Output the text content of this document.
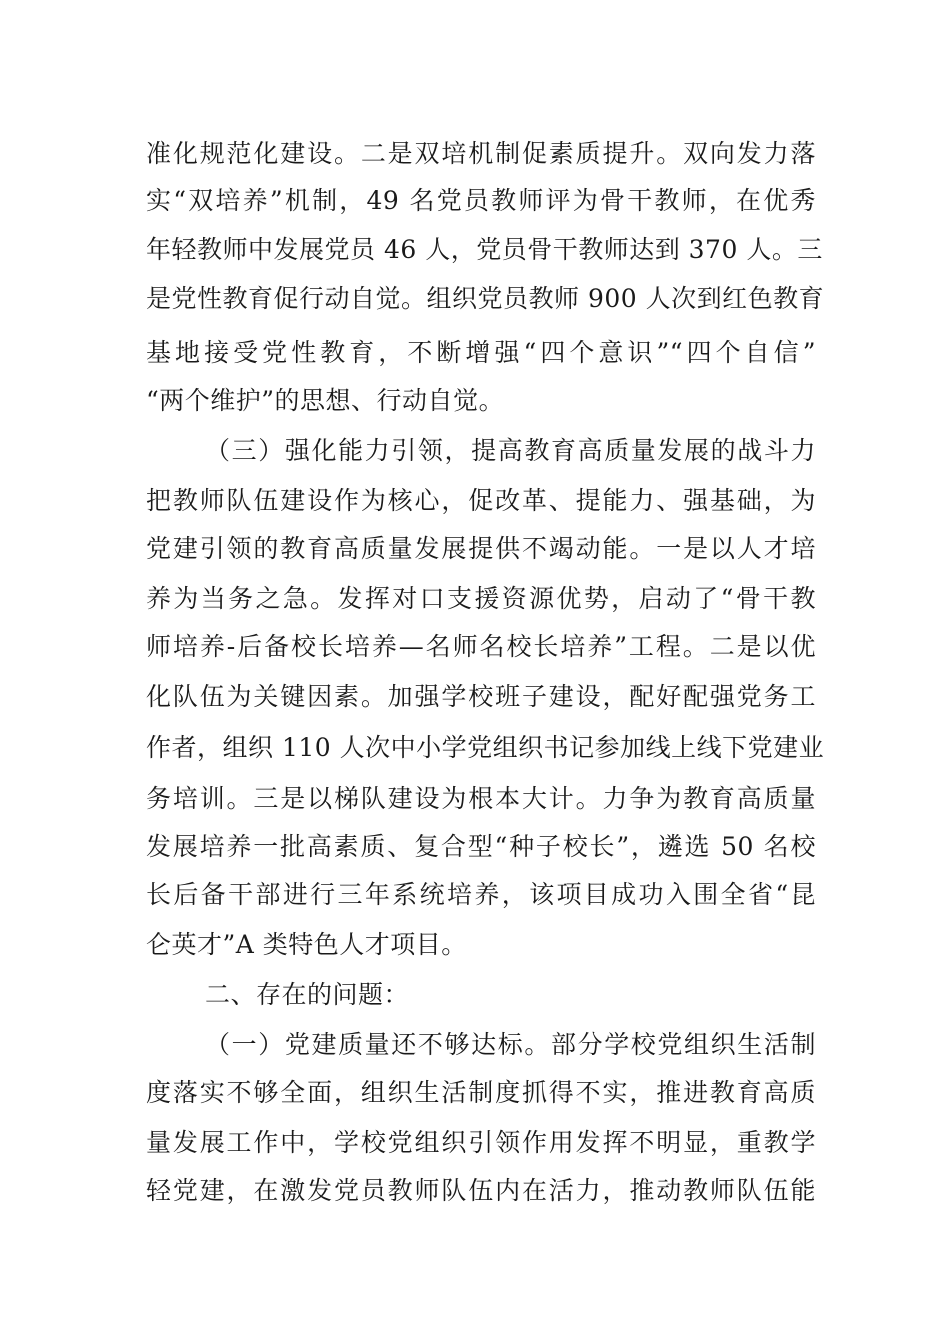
准化规范化建设。二是双培机制促素质提升。双向发力落
实“双培养”机制，49 名党员教师评为骨干教师，在优秀
年轻教师中发展党员 46 人，党员骨干教师达到 370 人。三
是党性教育促行动自觉。组织党员教师 900 人次到红色教育
基地接受党性教育，不断增强“四个意识”“四个自信”
“两个维护”的思想、行动自觉。
（三）强化能力引领，提高教育高质量发展的战斗力
把教师队伍建设作为核心，促改革、提能力、强基础，为
党建引领的教育高质量发展提供不竭动能。一是以人才培
养为当务之急。发挥对口支援资源优势，启动了“骨干教
师培养-后备校长培养—名师名校长培养”工程。二是以优
化队伍为关键因素。加强学校班子建设，配好配强党务工
作者，组织 110 人次中小学党组织书记参加线上线下党建业
务培训。三是以梯队建设为根本大计。力争为教育高质量
发展培养一批高素质、复合型“种子校长”，遴选 50 名校
长后备干部进行三年系统培养，该项目成功入围全省“昆
仑英才”A 类特色人才项目。
二、存在的问题：
（一）党建质量还不够达标。部分学校党组织生活制
度落实不够全面，组织生活制度抓得不实，推进教育高质
量发展工作中，学校党组织引领作用发挥不明显，重教学
轻党建，在激发党员教师队伍内在活力，推动教师队伍能
